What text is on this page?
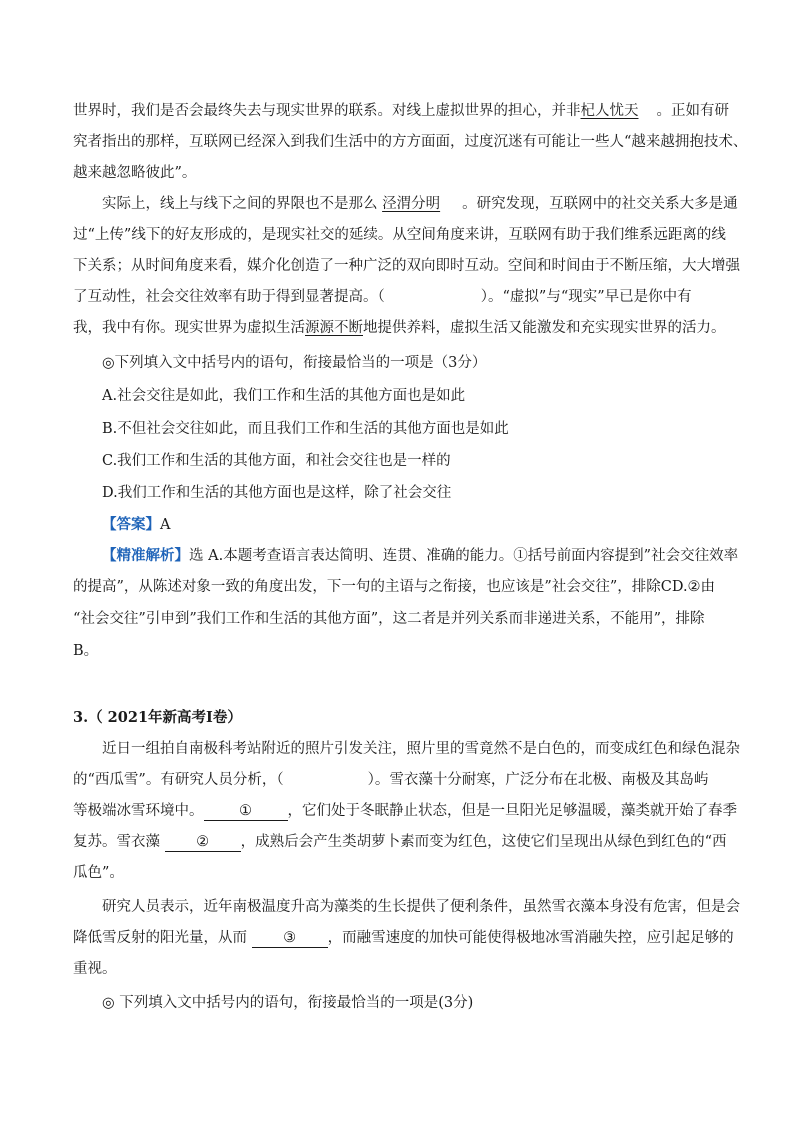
世界时，我们是否会最终失去与现实世界的联系。对线上虚拟世界的担心，并非杞人忧天 。正如有研
究者指出的那样，互联网已经深入到我们生活中的方方面面，过度沉迷有可能让一些人“越来越拥抱技术、
越来越忽略彼此”。
实际上，线上与线下之间的界限也不是那么 泾渭分明 。研究发现，互联网中的社交关系大多是通
过“上传”线下的好友形成的，是现实社交的延续。从空间角度来讲，互联网有助于我们维系远距离的线
下关系；从时间角度来看，媒介化创造了一种广泛的双向即时互动。空间和时间由于不断压缩，大大增强
了互动性，社会交往效率有助于得到显著提高。（	）。“虚拟”与“现实”早已是你中有
我，我中有你。现实世界为虚拟生活源源不断地提供养料，虚拟生活又能激发和充实现实世界的活力。
◎下列填入文中括号内的语句，衔接最恰当的一项是（3分）
A.社会交往是如此，我们工作和生活的其他方面也是如此
B.不但社会交往如此，而且我们工作和生活的其他方面也是如此
C.我们工作和生活的其他方面，和社会交往也是一样的
D.我们工作和生活的其他方面也是这样，除了社会交往
【答案】A
【精准解析】选 A.本题考查语言表达简明、连贯、准确的能力。①括号前面内容提到”社会交往效率
的提高”，从陈述对象一致的角度出发，下一句的主语与之衔接，也应该是”社会交往”，排除CD.②由
“社会交往”引申到”我们工作和生活的其他方面”，这二者是并列关系而非递进关系，不能用”，排除
B。
3.（ 2021年新高考Ⅰ卷）
近日一组拍自南极科考站附近的照片引发关注，照片里的雪竟然不是白色的，而变成红色和绿色混杂
的“西瓜雪”。有研究人员分析，（	）。雪衣藻十分耐寒，广泛分布在北极、南极及其岛屿
等极端冰雪环境中。 ① ，它们处于冬眠静止状态，但是一旦阳光足够温暖，藻类就开始了春季
复苏。雪衣藻 ② ，成熟后会产生类胡萝卜素而变为红色，这使它们呈现出从绿色到红色的“西
瓜色”。
研究人员表示，近年南极温度升高为藻类的生长提供了便利条件，虽然雪衣藻本身没有危害，但是会
降低雪反射的阳光量，从而 ③ ，而融雪速度的加快可能使得极地冰雪消融失控，应引起足够的
重视。
◎ 下列填入文中括号内的语句，衔接最恰当的一项是(3分)
